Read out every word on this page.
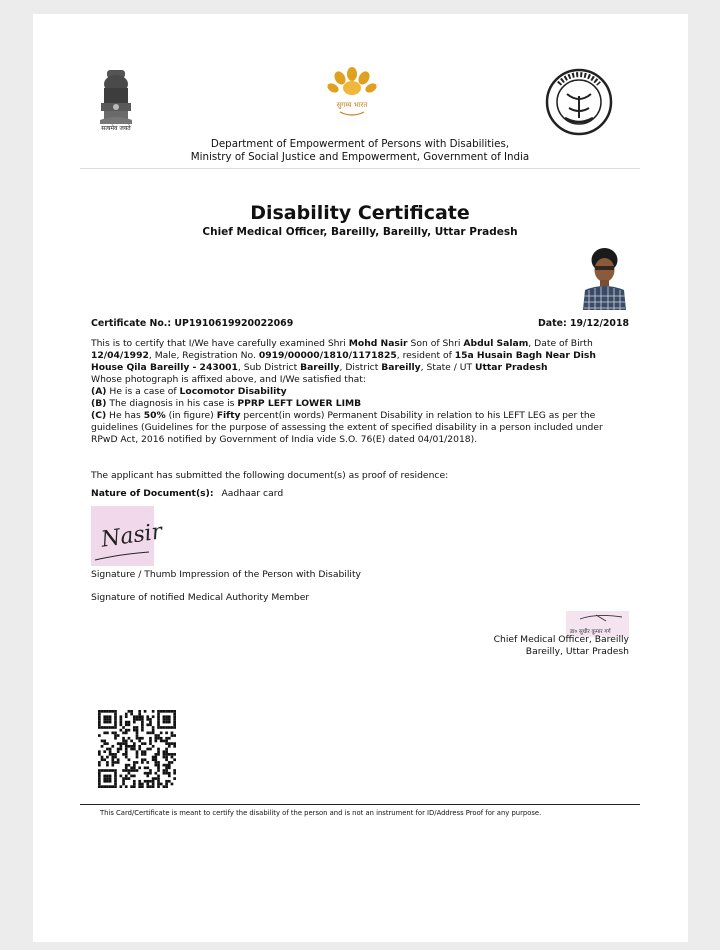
सत्यमेव जयते
सुगम्य भारत
Department of Empowerment of Persons with Disabilities,
Ministry of Social Justice and Empowerment, Government of India
Disability Certificate
Chief Medical Officer, Bareilly, Bareilly, Uttar Pradesh
Certificate No.: UP1910619920022069	Date: 19/12/2018
This is to certify that I/We have carefully examined Shri Mohd Nasir Son of Shri Abdul Salam, Date of Birth 12/04/1992, Male, Registration No. 0919/00000/1810/1171825, resident of 15a Husain Bagh Near Dish House Qila Bareilly - 243001, Sub District Bareilly, District Bareilly, State / UT Uttar Pradesh
Whose photograph is affixed above, and I/We satisfied that:
(A) He is a case of Locomotor Disability
(B) The diagnosis in his case is PPRP LEFT LOWER LIMB
(C) He has 50% (in figure) Fifty percent(in words) Permanent Disability in relation to his LEFT LEG as per the guidelines (Guidelines for the purpose of assessing the extent of specified disability in a person included under RPwD Act, 2016 notified by Government of India vide S.O. 76(E) dated 04/01/2018).
The applicant has submitted the following document(s) as proof of residence:
Nature of Document(s): Aadhaar card
Nasir
Signature / Thumb Impression of the Person with Disability
Signature of notified Medical Authority Member
डा० सुधीर कुमार गर्ग
Chief Medical Officer, Bareilly
Bareilly, Uttar Pradesh
This Card/Certificate is meant to certify the disability of the person and is not an instrument for ID/Address Proof for any purpose.
